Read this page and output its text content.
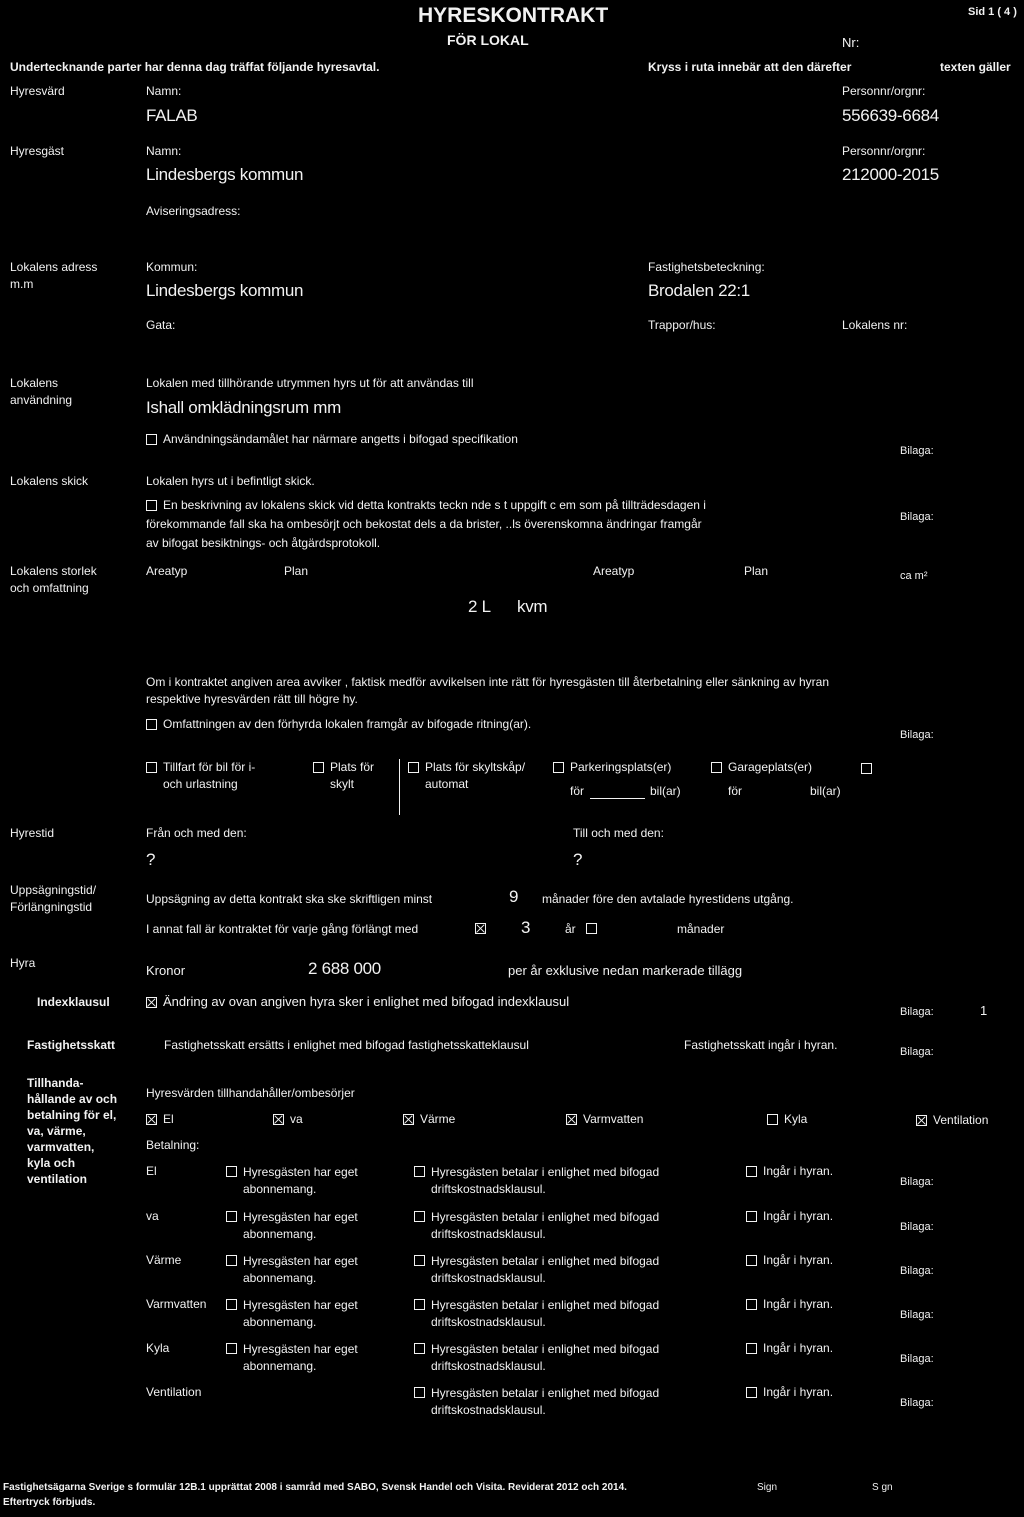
HYRESKONTRAKT
FÖR LOKAL
Sid 1 ( 4 )
Nr:
Undertecknande parter har denna dag träffat följande hyresavtal.	Kryss i ruta innebär att den därefter	texten gäller
Hyresvärd	Namn:
FALAB
Personnr/orgnr:
556639-6684
Hyresgäst	Namn:
Lindesbergs kommun
Personnr/orgnr:
212000-2015
Aviseringsadress:
Lokalens adress
m.m
Kommun:
Lindesbergs kommun
Fastighetsbeteckning:
Brodalen 22:1
Gata:	Trappor/hus:	Lokalens nr:
Lokalens
användning
Lokalen med tillhörande utrymmen hyrs ut för att användas till
Ishall omklädningsrum mm
Användningsändamålet har närmare angetts i bifogad specifikation
Bilaga:
Lokalens skick	Lokalen hyrs ut i befintligt skick.
En beskrivning av lokalens skick vid detta kontrakts teckn nde s t uppgift c em som på tillträdesdagen i
förekommande fall ska ha ombesörjt och bekostat dels a da brister, ..ls överenskomna ändringar framgår
av bifogat besiktnings- och åtgärdsprotokoll.
Bilaga:
Lokalens storlek
och omfattning
Areatyp	Plan	Areatyp	Plan	ca m²
2 L kvm
Om i kontraktet angiven area avviker , faktisk medför avvikelsen inte rätt för hyresgästen till återbetalning eller sänkning av hyran
respektive hyresvärden rätt till högre hy.
Omfattningen av den förhyrda lokalen framgår av bifogade ritning(ar).
Bilaga:
Tillfart för bil för i-
och urlastning
Plats för
skylt
Plats för skyltskåp/
automat
Parkeringsplats(er)
för	bil(ar)
Garageplats(er)
för	bil(ar)
Hyrestid	Från och med den:
?
Till och med den:
?
Uppsägningstid/
Förlängningstid
Uppsägning av detta kontrakt ska ske skriftligen minst	9 månader före den avtalade hyrestidens utgång.
I annat fall är kontraktet för varje gång förlängt med	3	år	månader
Hyra	Kronor	2 688 000	per år exklusive nedan markerade tillägg
Indexklausul	Ändring av ovan angiven hyra sker i enlighet med bifogad indexklausul
Bilaga:	1
Fastighetsskatt	Fastighetsskatt ersätts i enlighet med bifogad fastighetsskatteklausul	Fastighetsskatt ingår i hyran.	Bilaga:
Tillhanda-
hållande av och
betalning för el,
va, värme,
varmvatten,
kyla och
ventilation
Hyresvärden tillhandahåller/ombesörjer
El	va	Värme	Varmvatten	Kyla	Ventilation
Betalning:
El	Hyresgästen har eget
abonnemang.
Hyresgästen betalar i enlighet med bifogad
driftskostnadsklausul.
Ingår i hyran.
Bilaga:
va	Hyresgästen har eget
abonnemang.
Hyresgästen betalar i enlighet med bifogad
driftskostnadsklausul.
Ingår i hyran.
Bilaga:
Värme	Hyresgästen har eget
abonnemang.
Hyresgästen betalar i enlighet med bifogad
driftskostnadsklausul.
Ingår i hyran.
Bilaga:
Varmvatten	Hyresgästen har eget
abonnemang.
Hyresgästen betalar i enlighet med bifogad
driftskostnadsklausul.
Ingår i hyran.
Bilaga:
Kyla	Hyresgästen har eget
abonnemang.
Hyresgästen betalar i enlighet med bifogad
driftskostnadsklausul.
Ingår i hyran.
Bilaga:
Ventilation	Hyresgästen betalar i enlighet med bifogad
driftskostnadsklausul.
Ingår i hyran.
Bilaga:
Fastighetsägarna Sverige s formulär 12B.1 upprättat 2008 i samråd med SABO, Svensk Handel och Visita. Reviderat 2012 och 2014.
Eftertryck förbjuds.
Sign	S gn
